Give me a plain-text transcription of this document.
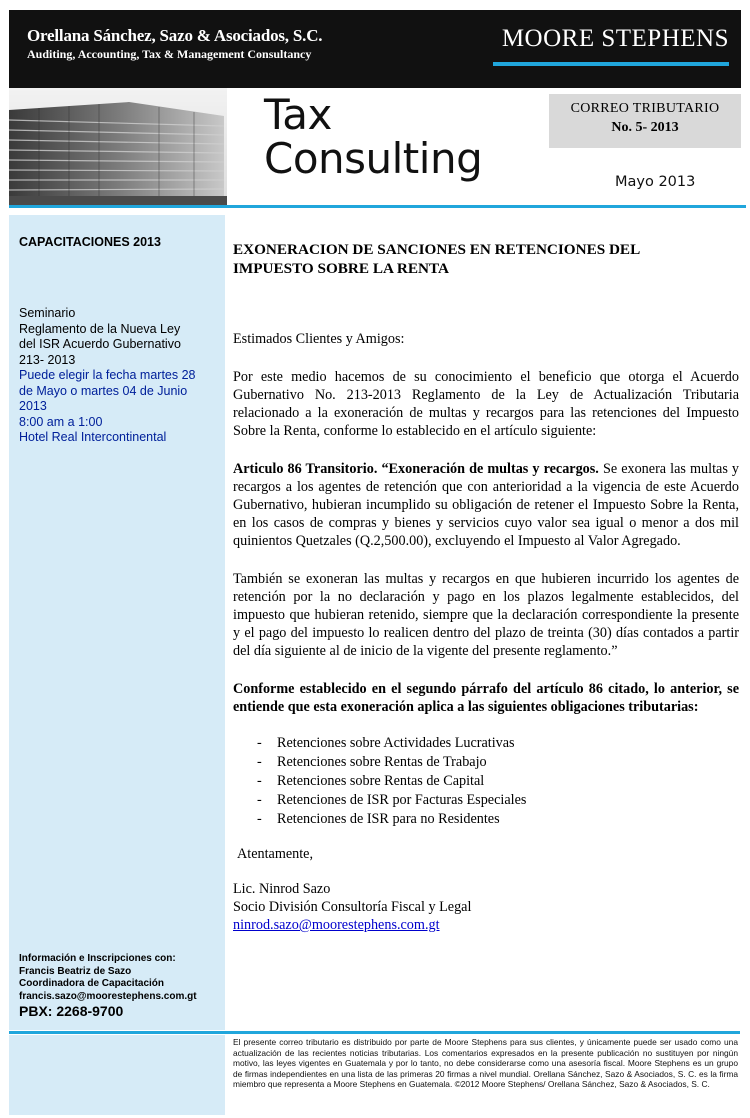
Orellana Sánchez, Sazo & Asociados, S.C.
Auditing, Accounting, Tax & Management Consultancy
MOORE STEPHENS
Tax
Consulting
CORREO TRIBUTARIO
No. 5- 2013
Mayo 2013
CAPACITACIONES 2013
Seminario
Reglamento de la Nueva Ley
del ISR Acuerdo Gubernativo
213- 2013
Puede elegir la fecha martes 28
de Mayo o martes 04 de Junio
2013
8:00 am a 1:00
Hotel Real Intercontinental
Información e Inscripciones con:
Francis Beatriz de Sazo
Coordinadora de Capacitación
francis.sazo@moorestephens.com.gt
PBX: 2268-9700

EXONERACION DE SANCIONES EN RETENCIONES DEL
IMPUESTO SOBRE LA RENTA

Estimados Clientes y Amigos:

Por este medio hacemos de su conocimiento el beneficio que otorga el Acuerdo Gubernativo No. 213-2013 Reglamento de la Ley de Actualización Tributaria relacionado a la exoneración de multas y recargos para las retenciones del Impuesto Sobre la Renta, conforme lo establecido en el artículo siguiente:

Articulo 86 Transitorio. “Exoneración de multas y recargos. Se exonera las multas y recargos a los agentes de retención que con anterioridad a la vigencia de este Acuerdo Gubernativo, hubieran incumplido su obligación de retener el Impuesto Sobre la Renta, en los casos de compras y bienes y servicios cuyo valor sea igual o menor a dos mil quinientos Quetzales (Q.2,500.00), excluyendo el Impuesto al Valor Agregado.

También se exoneran las multas y recargos en que hubieren incurrido los agentes de retención por la no declaración y pago en los plazos legalmente establecidos, del impuesto que hubieran retenido, siempre que la declaración correspondiente la presente y el pago del impuesto lo realicen dentro del plazo de treinta (30) días contados a partir del día siguiente al de inicio de la vigente del presente reglamento.”

Conforme establecido en el segundo párrafo del artículo 86 citado, lo anterior, se entiende que esta exoneración aplica a las siguientes obligaciones tributarias:

- Retenciones sobre Actividades Lucrativas
- Retenciones sobre Rentas de Trabajo
- Retenciones sobre Rentas de Capital
- Retenciones de ISR por Facturas Especiales
- Retenciones de ISR para no Residentes

Atentamente,

Lic. Ninrod Sazo
Socio División Consultoría Fiscal y Legal
ninrod.sazo@moorestephens.com.gt

El presente correo tributario es distribuido por parte de Moore Stephens para sus clientes, y únicamente puede ser usado como una actualización de las recientes noticias tributarias. Los comentarios expresados en la presente publicación no sustituyen por ningún motivo, las leyes vigentes en Guatemala y por lo tanto, no debe considerarse como una asesoría fiscal. Moore Stephens es un grupo de firmas independientes en una lista de las primeras 20 firmas a nivel mundial. Orellana Sánchez, Sazo & Asociados, S. C. es la firma miembro que representa a Moore Stephens en Guatemala. ©2012 Moore Stephens/ Orellana Sánchez, Sazo & Asociados, S. C.
